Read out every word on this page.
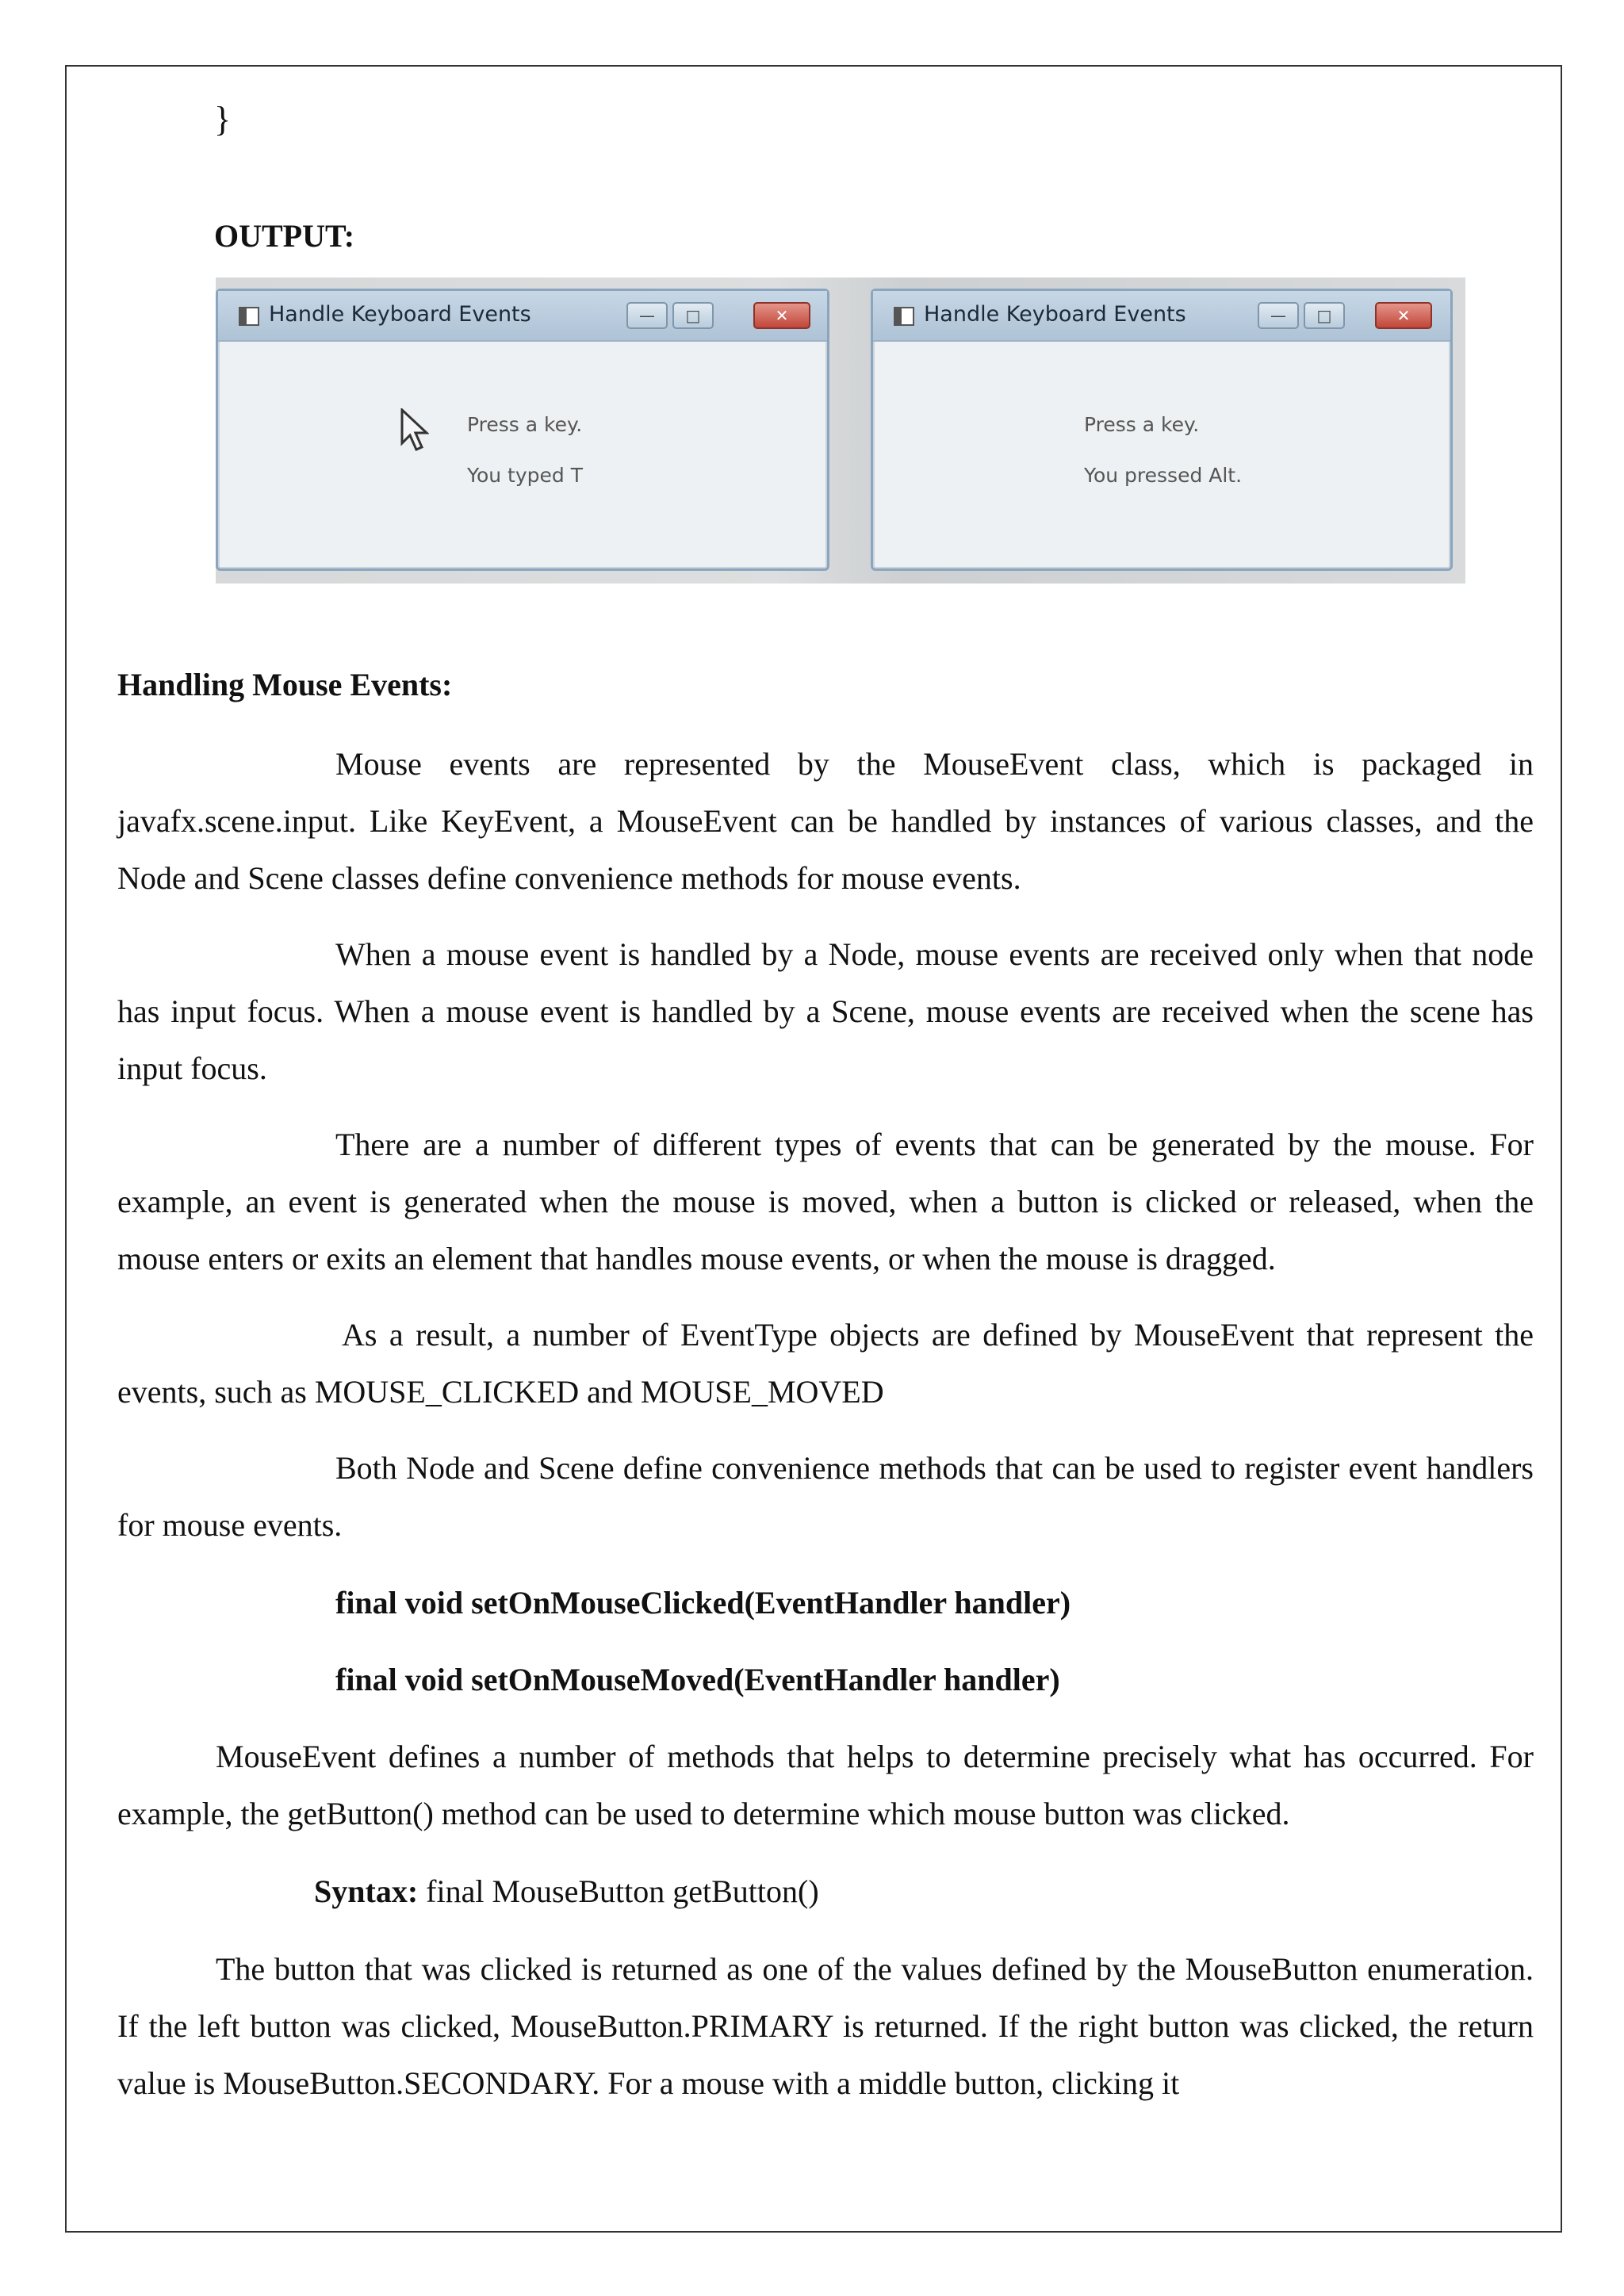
}
OUTPUT:
Handle Keyboard Events	—	□	✕
Press a key.
You typed T
Handle Keyboard Events	—	□	✕
Press a key.
You pressed Alt.
Handling Mouse Events:
Mouse events are represented by the MouseEvent class, which is packaged in javafx.scene.input. Like KeyEvent, a MouseEvent can be handled by instances of various classes, and the Node and Scene classes define convenience methods for mouse events.
When a mouse event is handled by a Node, mouse events are received only when that node has input focus. When a mouse event is handled by a Scene, mouse events are received when the scene has input focus.
There are a number of different types of events that can be generated by the mouse. For example, an event is generated when the mouse is moved, when a button is clicked or released, when the mouse enters or exits an element that handles mouse events, or when the mouse is dragged.
As a result, a number of EventType objects are defined by MouseEvent that represent the events, such as MOUSE_CLICKED and MOUSE_MOVED
Both Node and Scene define convenience methods that can be used to register event handlers for mouse events.
final void setOnMouseClicked(EventHandler handler)
final void setOnMouseMoved(EventHandler handler)
MouseEvent defines a number of methods that helps to determine precisely what has occurred. For example, the getButton() method can be used to determine which mouse button was clicked.
Syntax: final MouseButton getButton()
The button that was clicked is returned as one of the values defined by the MouseButton enumeration. If the left button was clicked, MouseButton.PRIMARY is returned. If the right button was clicked, the return value is MouseButton.SECONDARY. For a mouse with a middle button, clicking it
